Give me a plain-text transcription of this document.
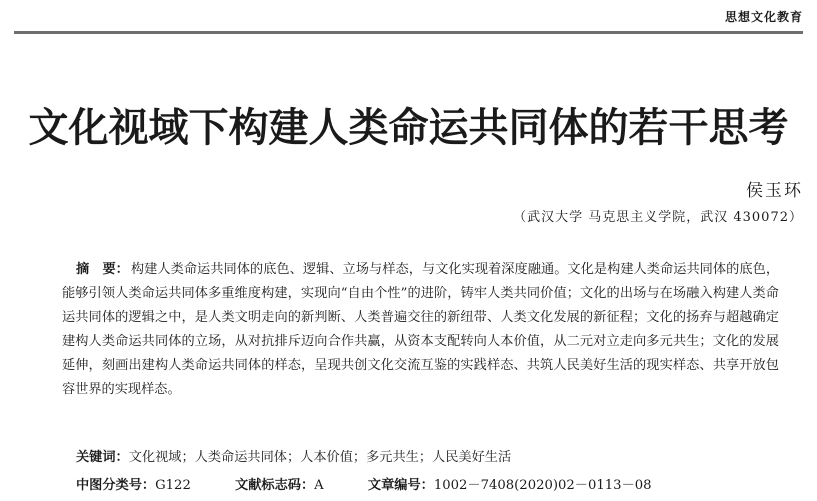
思想文化教育
文化视域下构建人类命运共同体的若干思考
侯玉环
（武汉大学 马克思主义学院，武汉 430072）
摘　要： 构建人类命运共同体的底色、逻辑、立场与样态，与文化实现着深度融通。文化是构建人类命运共同体的底色，能够引领人类命运共同体多重维度构建，实现向“自由个性”的进阶，铸牢人类共同价值；文化的出场与在场融入构建人类命运共同体的逻辑之中，是人类文明走向的新判断、人类普遍交往的新纽带、人类文化发展的新征程；文化的扬弃与超越确定建构人类命运共同体的立场，从对抗排斥迈向合作共赢，从资本支配转向人本价值，从二元对立走向多元共生；文化的发展延伸，刻画出建构人类命运共同体的样态，呈现共创文化交流互鉴的实践样态、共筑人民美好生活的现实样态、共享开放包容世界的实现样态。
关键词：文化视域；人类命运共同体；人本价值；多元共生；人民美好生活
中图分类号：G122	文献标志码：A	文章编号：1002－7408(2020)02－0113－08
